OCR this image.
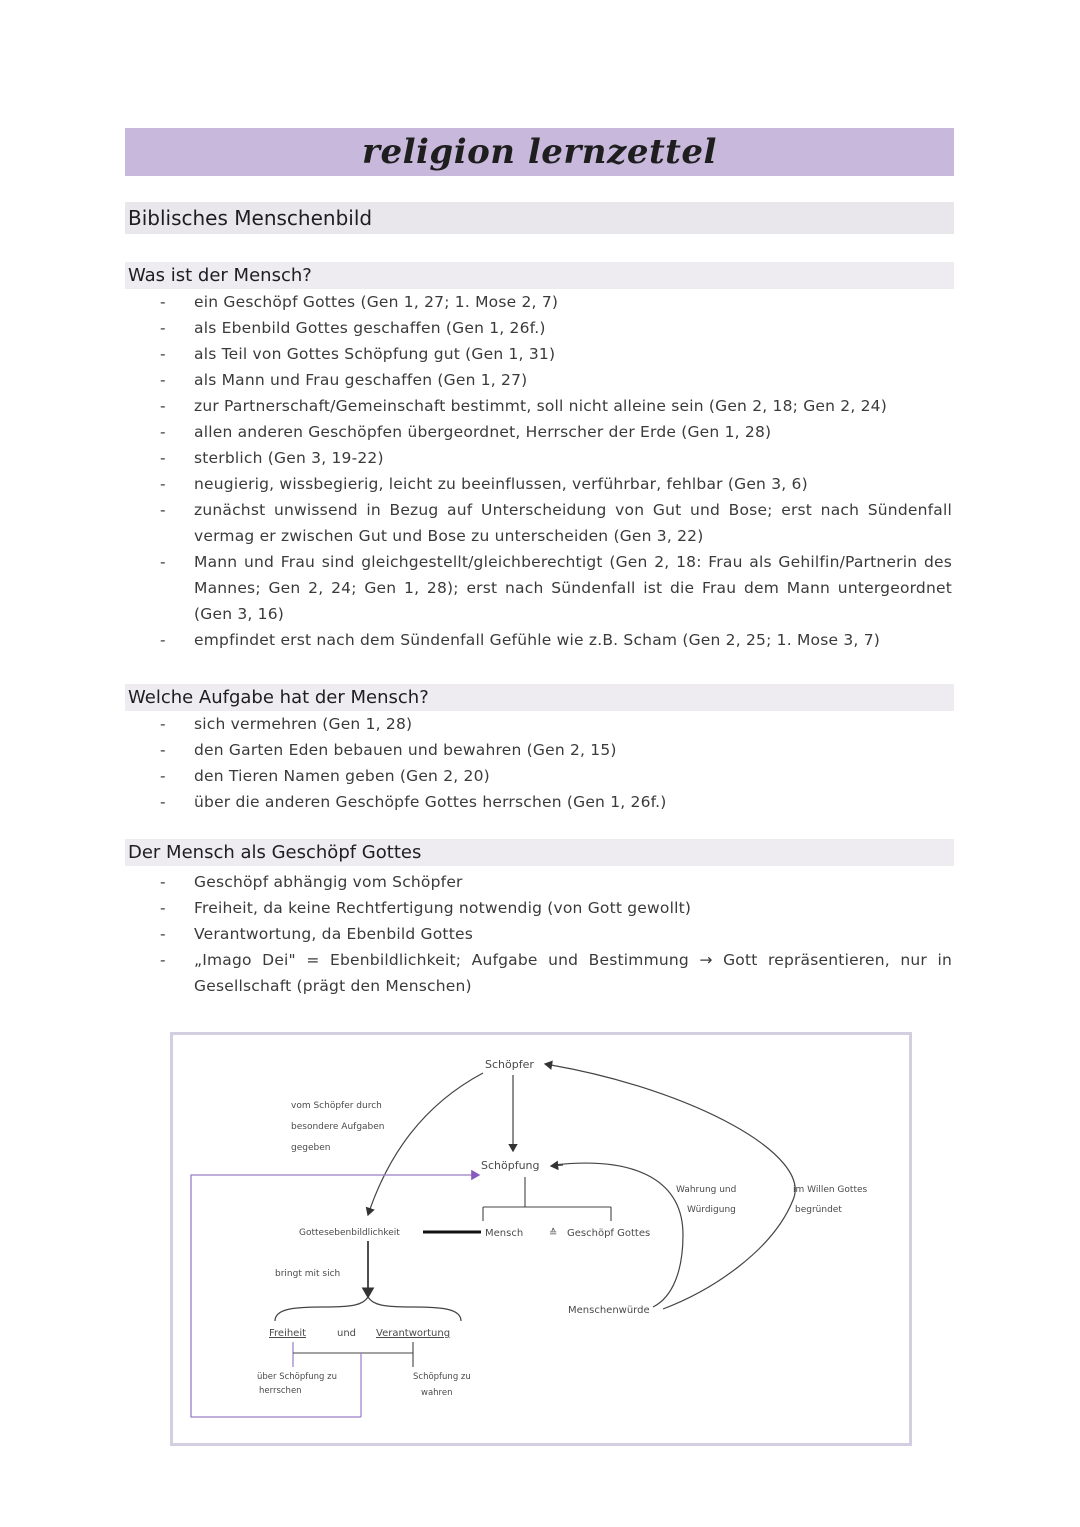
religion lernzettel
Biblisches Menschenbild
Was ist der Mensch?
- ein Geschöpf Gottes (Gen 1, 27; 1. Mose 2, 7)
- als Ebenbild Gottes geschaffen (Gen 1, 26f.)
- als Teil von Gottes Schöpfung gut (Gen 1, 31)
- als Mann und Frau geschaffen (Gen 1, 27)
- zur Partnerschaft/Gemeinschaft bestimmt, soll nicht alleine sein (Gen 2, 18; Gen 2, 24)
- allen anderen Geschöpfen übergeordnet, Herrscher der Erde (Gen 1, 28)
- sterblich (Gen 3, 19-22)
- neugierig, wissbegierig, leicht zu beeinflussen, verführbar, fehlbar (Gen 3, 6)
- zunächst unwissend in Bezug auf Unterscheidung von Gut und Bose; erst nach Sündenfall vermag er zwischen Gut und Bose zu unterscheiden (Gen 3, 22)
- Mann und Frau sind gleichgestellt/gleichberechtigt (Gen 2, 18: Frau als Gehilfin/Partnerin des Mannes; Gen 2, 24; Gen 1, 28); erst nach Sündenfall ist die Frau dem Mann untergeordnet (Gen 3, 16)
- empfindet erst nach dem Sündenfall Gefühle wie z.B. Scham (Gen 2, 25; 1. Mose 3, 7)
Welche Aufgabe hat der Mensch?
- sich vermehren (Gen 1, 28)
- den Garten Eden bebauen und bewahren (Gen 2, 15)
- den Tieren Namen geben (Gen 2, 20)
- über die anderen Geschöpfe Gottes herrschen (Gen 1, 26f.)
Der Mensch als Geschöpf Gottes
- Geschöpf abhängig vom Schöpfer
- Freiheit, da keine Rechtfertigung notwendig (von Gott gewollt)
- Verantwortung, da Ebenbild Gottes
- „Imago Dei" = Ebenbildlichkeit; Aufgabe und Bestimmung → Gott repräsentieren, nur in Gesellschaft (prägt den Menschen)
Schöpfer
vom Schöpfer durch
besondere Aufgaben
gegeben
Schöpfung
Gottesebenbildlichkeit	Mensch	≙ Geschöpf Gottes
Wahrung und
Würdigung
im Willen Gottes
begründet
Menschenwürde
bringt mit sich
Freiheit	und Verantwortung
über Schöpfung zu
herrschen
Schöpfung zu
wahren
